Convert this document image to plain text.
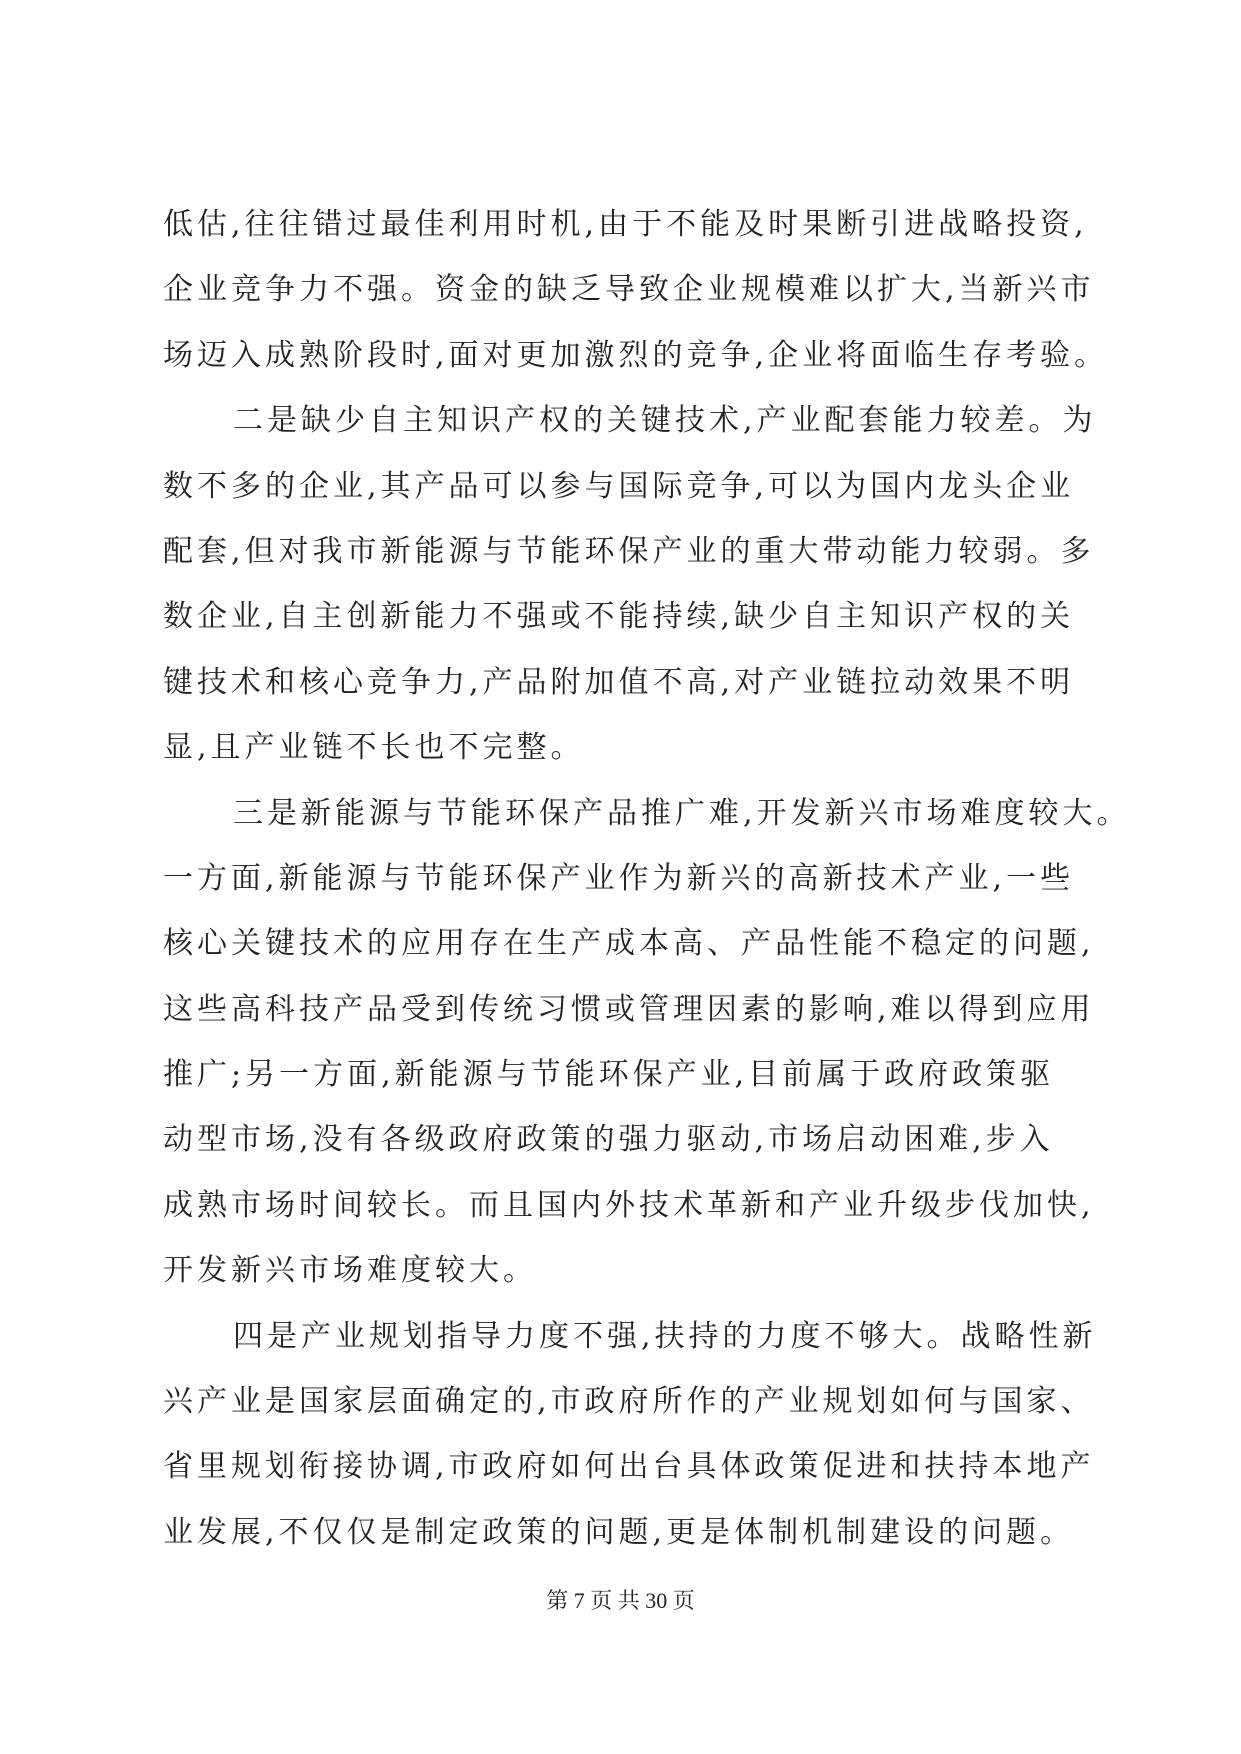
低估,往往错过最佳利用时机,由于不能及时果断引进战略投资,
企业竞争力不强。资金的缺乏导致企业规模难以扩大,当新兴市
场迈入成熟阶段时,面对更加激烈的竞争,企业将面临生存考验。
二是缺少自主知识产权的关键技术,产业配套能力较差。为
数不多的企业,其产品可以参与国际竞争,可以为国内龙头企业
配套,但对我市新能源与节能环保产业的重大带动能力较弱。多
数企业,自主创新能力不强或不能持续,缺少自主知识产权的关
键技术和核心竞争力,产品附加值不高,对产业链拉动效果不明
显,且产业链不长也不完整。
三是新能源与节能环保产品推广难,开发新兴市场难度较大。
一方面,新能源与节能环保产业作为新兴的高新技术产业,一些
核心关键技术的应用存在生产成本高、产品性能不稳定的问题,
这些高科技产品受到传统习惯或管理因素的影响,难以得到应用
推广;另一方面,新能源与节能环保产业,目前属于政府政策驱
动型市场,没有各级政府政策的强力驱动,市场启动困难,步入
成熟市场时间较长。而且国内外技术革新和产业升级步伐加快,
开发新兴市场难度较大。
四是产业规划指导力度不强,扶持的力度不够大。战略性新
兴产业是国家层面确定的,市政府所作的产业规划如何与国家、
省里规划衔接协调,市政府如何出台具体政策促进和扶持本地产
业发展,不仅仅是制定政策的问题,更是体制机制建设的问题。
第 7 页 共 30 页
